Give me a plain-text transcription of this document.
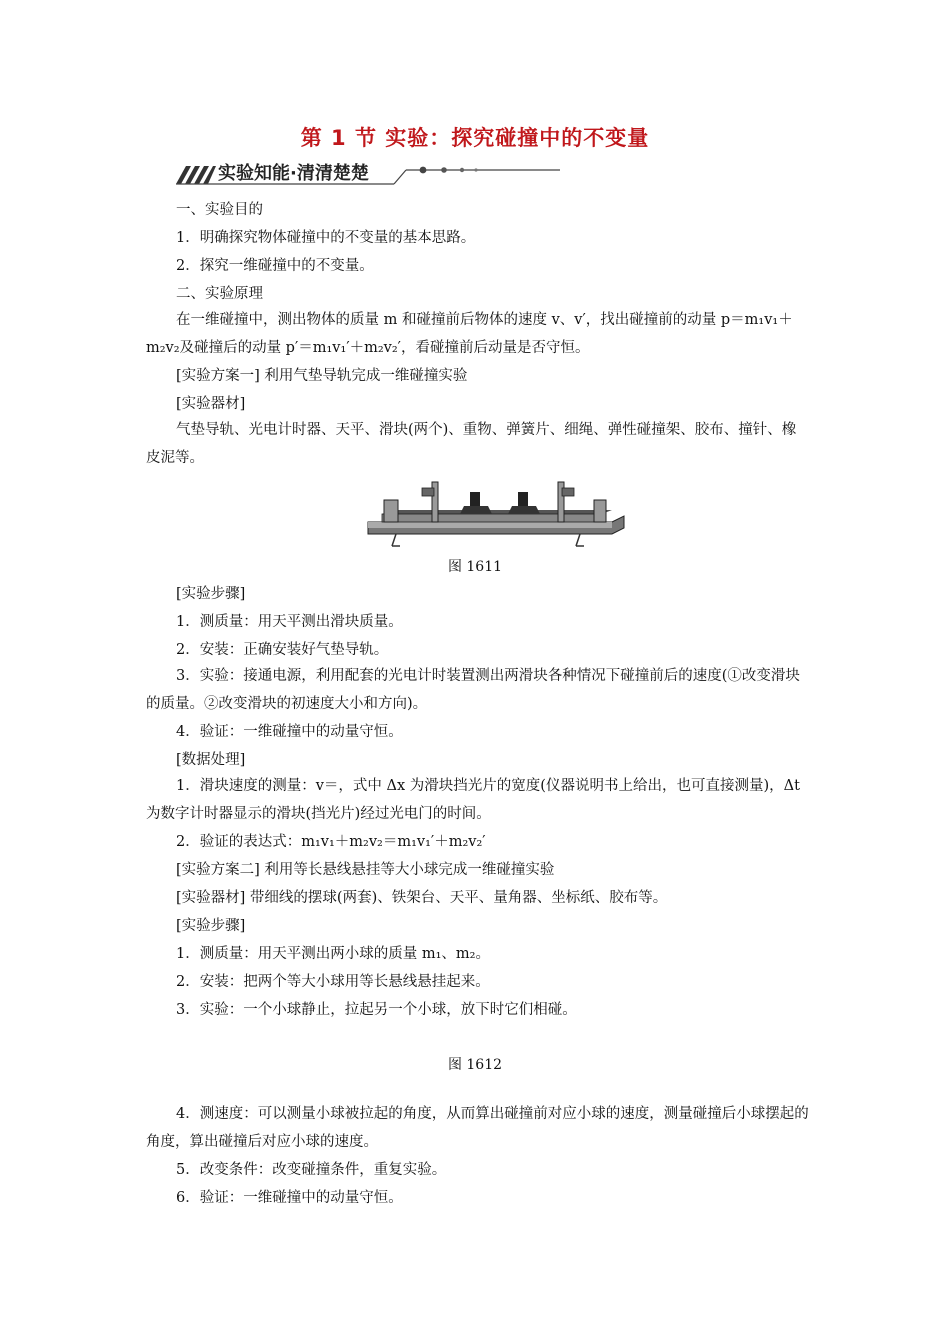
第 1 节 实验：探究碰撞中的不变量
实验知能·清清楚楚
一、实验目的
1．明确探究物体碰撞中的不变量的基本思路。
2．探究一维碰撞中的不变量。
二、实验原理
在一维碰撞中，测出物体的质量 m 和碰撞前后物体的速度 v、v′，找出碰撞前的动量 p＝m₁v₁＋m₂v₂及碰撞后的动量 p′＝m₁v₁′＋m₂v₂′，看碰撞前后动量是否守恒。
[实验方案一] 利用气垫导轨完成一维碰撞实验
[实验器材]
气垫导轨、光电计时器、天平、滑块(两个)、重物、弹簧片、细绳、弹性碰撞架、胶布、撞针、橡皮泥等。
图 1611
[实验步骤]
1．测质量：用天平测出滑块质量。
2．安装：正确安装好气垫导轨。
3．实验：接通电源，利用配套的光电计时装置测出两滑块各种情况下碰撞前后的速度(①改变滑块的质量。②改变滑块的初速度大小和方向)。
4．验证：一维碰撞中的动量守恒。
[数据处理]
1．滑块速度的测量：v＝，式中 Δx 为滑块挡光片的宽度(仪器说明书上给出，也可直接测量)，Δt 为数字计时器显示的滑块(挡光片)经过光电门的时间。
2．验证的表达式：m₁v₁＋m₂v₂＝m₁v₁′＋m₂v₂′
[实验方案二] 利用等长悬线悬挂等大小球完成一维碰撞实验
[实验器材] 带细线的摆球(两套)、铁架台、天平、量角器、坐标纸、胶布等。
[实验步骤]
1．测质量：用天平测出两小球的质量 m₁、m₂。
2．安装：把两个等大小球用等长悬线悬挂起来。
3．实验：一个小球静止，拉起另一个小球，放下时它们相碰。
图 1612
4．测速度：可以测量小球被拉起的角度，从而算出碰撞前对应小球的速度，测量碰撞后小球摆起的角度，算出碰撞后对应小球的速度。
5．改变条件：改变碰撞条件，重复实验。
6．验证：一维碰撞中的动量守恒。
